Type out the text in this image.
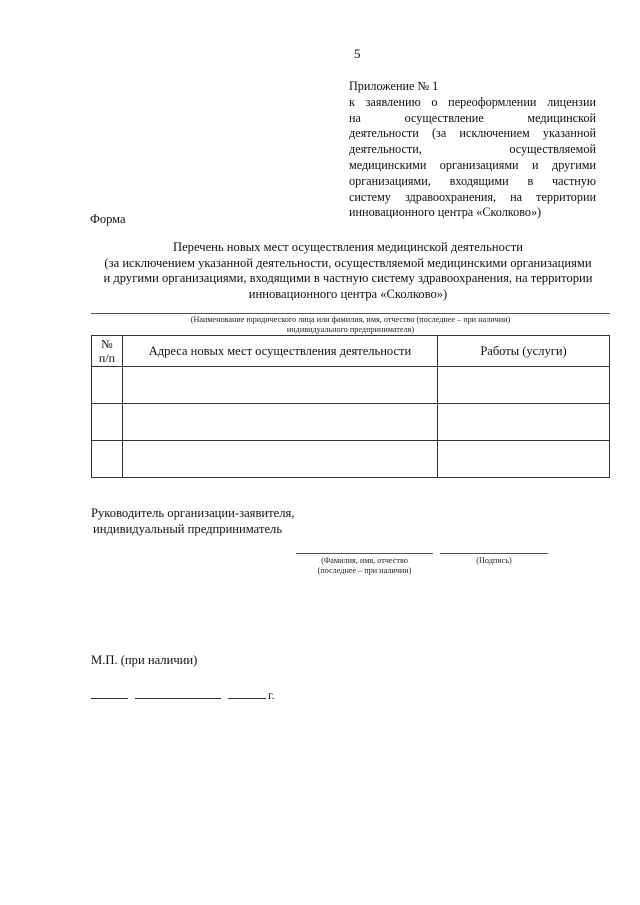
5
Приложение № 1
к заявлению о переоформлении лицензии
на осуществление медицинской
деятельности (за исключением указанной
деятельности, осуществляемой
медицинскими организациями и другими
организациями, входящими в частную
систему здравоохранения, на территории
инновационного центра «Сколково»)
Форма
Перечень новых мест осуществления медицинской деятельности
(за исключением указанной деятельности, осуществляемой медицинскими организациями
и другими организациями, входящими в частную систему здравоохранения, на территории
инновационного центра «Сколково»)
(Наименование юридического лица или фамилия, имя, отчество (последнее – при наличии)
индивидуального предпринимателя)
№
п/п	Адреса новых мест осуществления деятельности	Работы (услуги)

Руководитель организации-заявителя,
индивидуальный предприниматель
(Фамилия, имя, отчество
(последнее – при наличии)
(Подпись)
М.П. (при наличии)
г.
